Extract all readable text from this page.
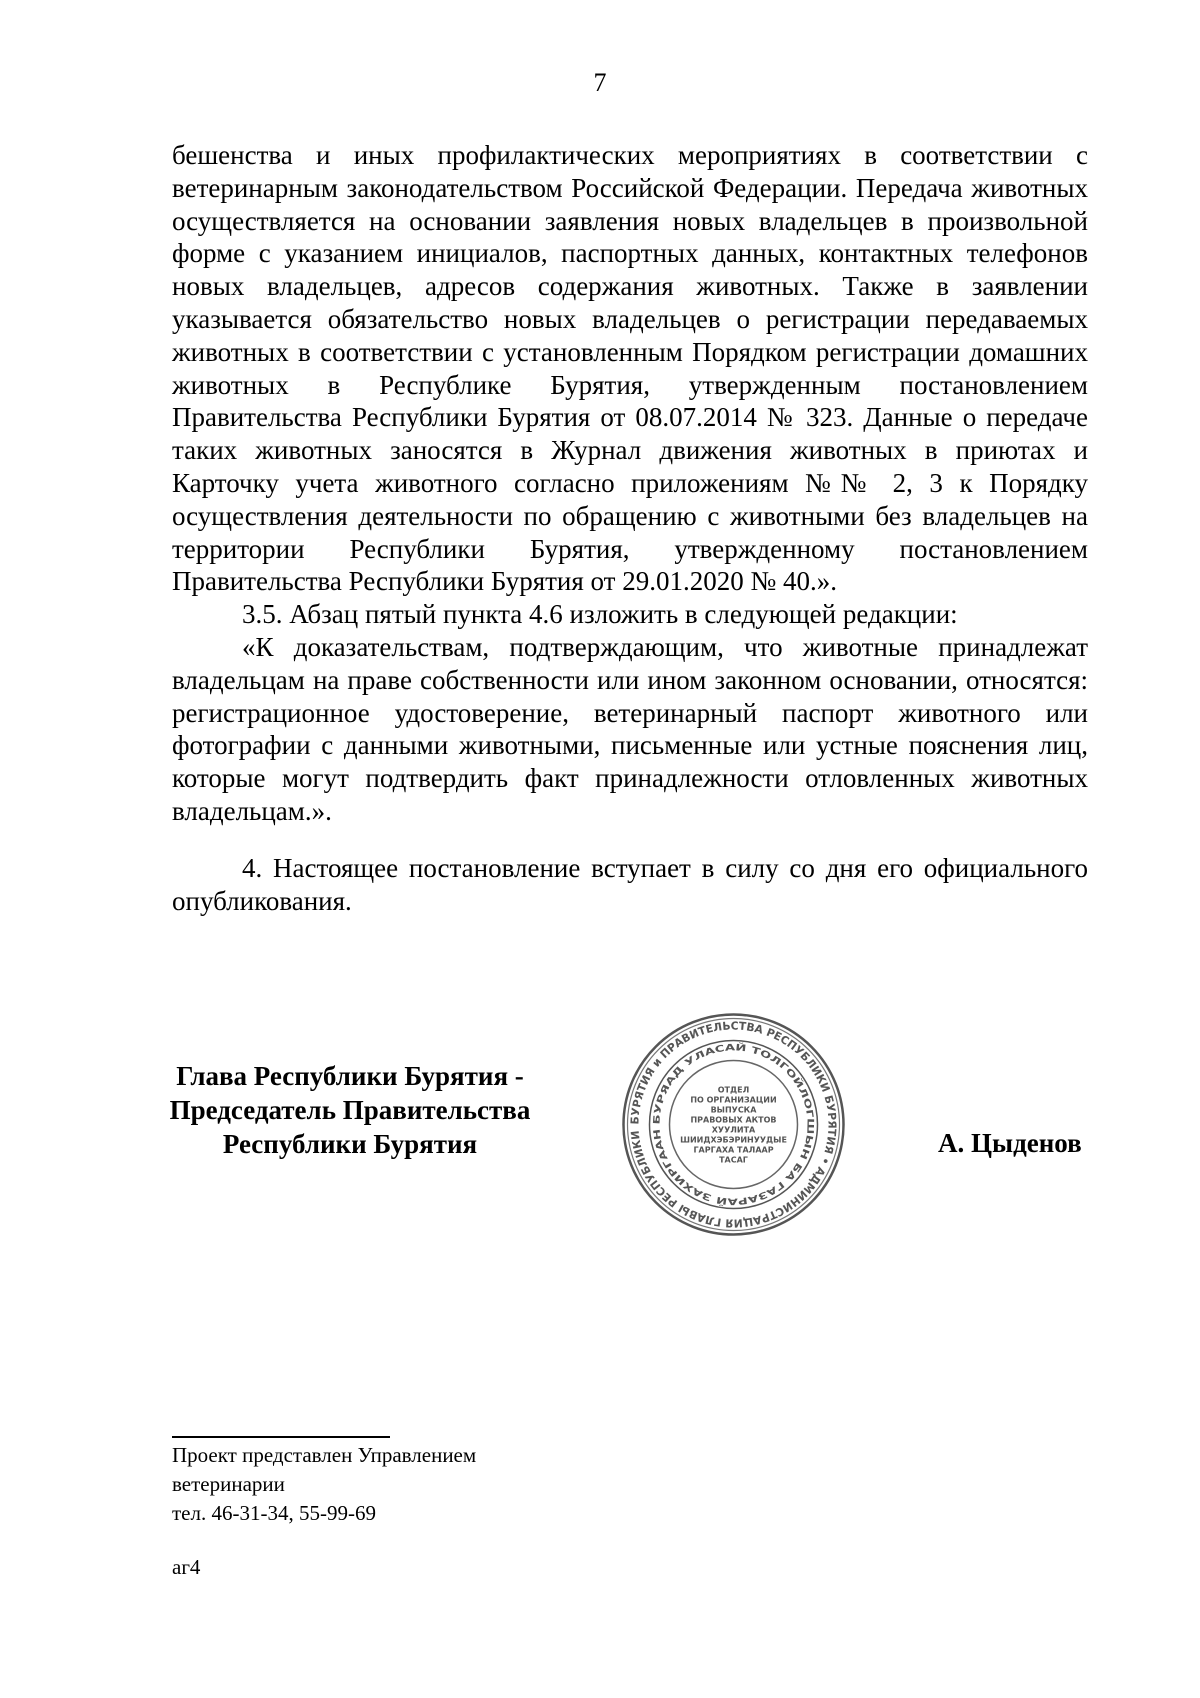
7

бешенства и иных профилактических мероприятиях в соответствии с ветеринарным законодательством Российской Федерации. Передача животных осуществляется на основании заявления новых владельцев в произвольной форме с указанием инициалов, паспортных данных, контактных телефонов новых владельцев, адресов содержания животных. Также в заявлении указывается обязательство новых владельцев о регистрации передаваемых животных в соответствии с установленным Порядком регистрации домашних животных в Республике Бурятия, утвержденным постановлением Правительства Республики Бурятия от 08.07.2014 № 323. Данные о передаче таких животных заносятся в Журнал движения животных в приютах и Карточку учета животного согласно приложениям №№ 2, 3 к Порядку осуществления деятельности по обращению с животными без владельцев на территории Республики Бурятия, утвержденному постановлением Правительства Республики Бурятия от 29.01.2020 № 40.».

3.5. Абзац пятый пункта 4.6 изложить в следующей редакции:

«К доказательствам, подтверждающим, что животные принадлежат владельцам на праве собственности или ином законном основании, относятся: регистрационное удостоверение, ветеринарный паспорт животного или фотографии с данными животными, письменные или устные пояснения лиц, которые могут подтвердить факт принадлежности отловленных животных владельцам.».

4. Настоящее постановление вступает в силу со дня его официального опубликования.

Глава Республики Бурятия -
Председатель Правительства
Республики Бурятия
БУРЯТИЯ и ПРАВИТЕЛЬСТВА РЕСПУБЛИКИ БУРЯТИЯ • АДМИНИСТРАЦИЯ ГЛАВЫ РЕСПУБЛИКИ
БУРЯАД УЛАСАЙ ТОЛГОЙЛОГШЫН БА ГАЗАРАЙ ЗАХИРГААН
ОТДЕЛ
ПО ОРГАНИЗАЦИИ
ВЫПУСКА
ПРАВОВЫХ АКТОВ
ХУУЛИТА
ШИИДХЭБЭРИНУУДЫЕ
ГАРГАХА ТАЛААР
ТАСАГ
А. Цыденов
Проект представлен Управлением
ветеринарии
тел. 46-31-34, 55-99-69
аг4
